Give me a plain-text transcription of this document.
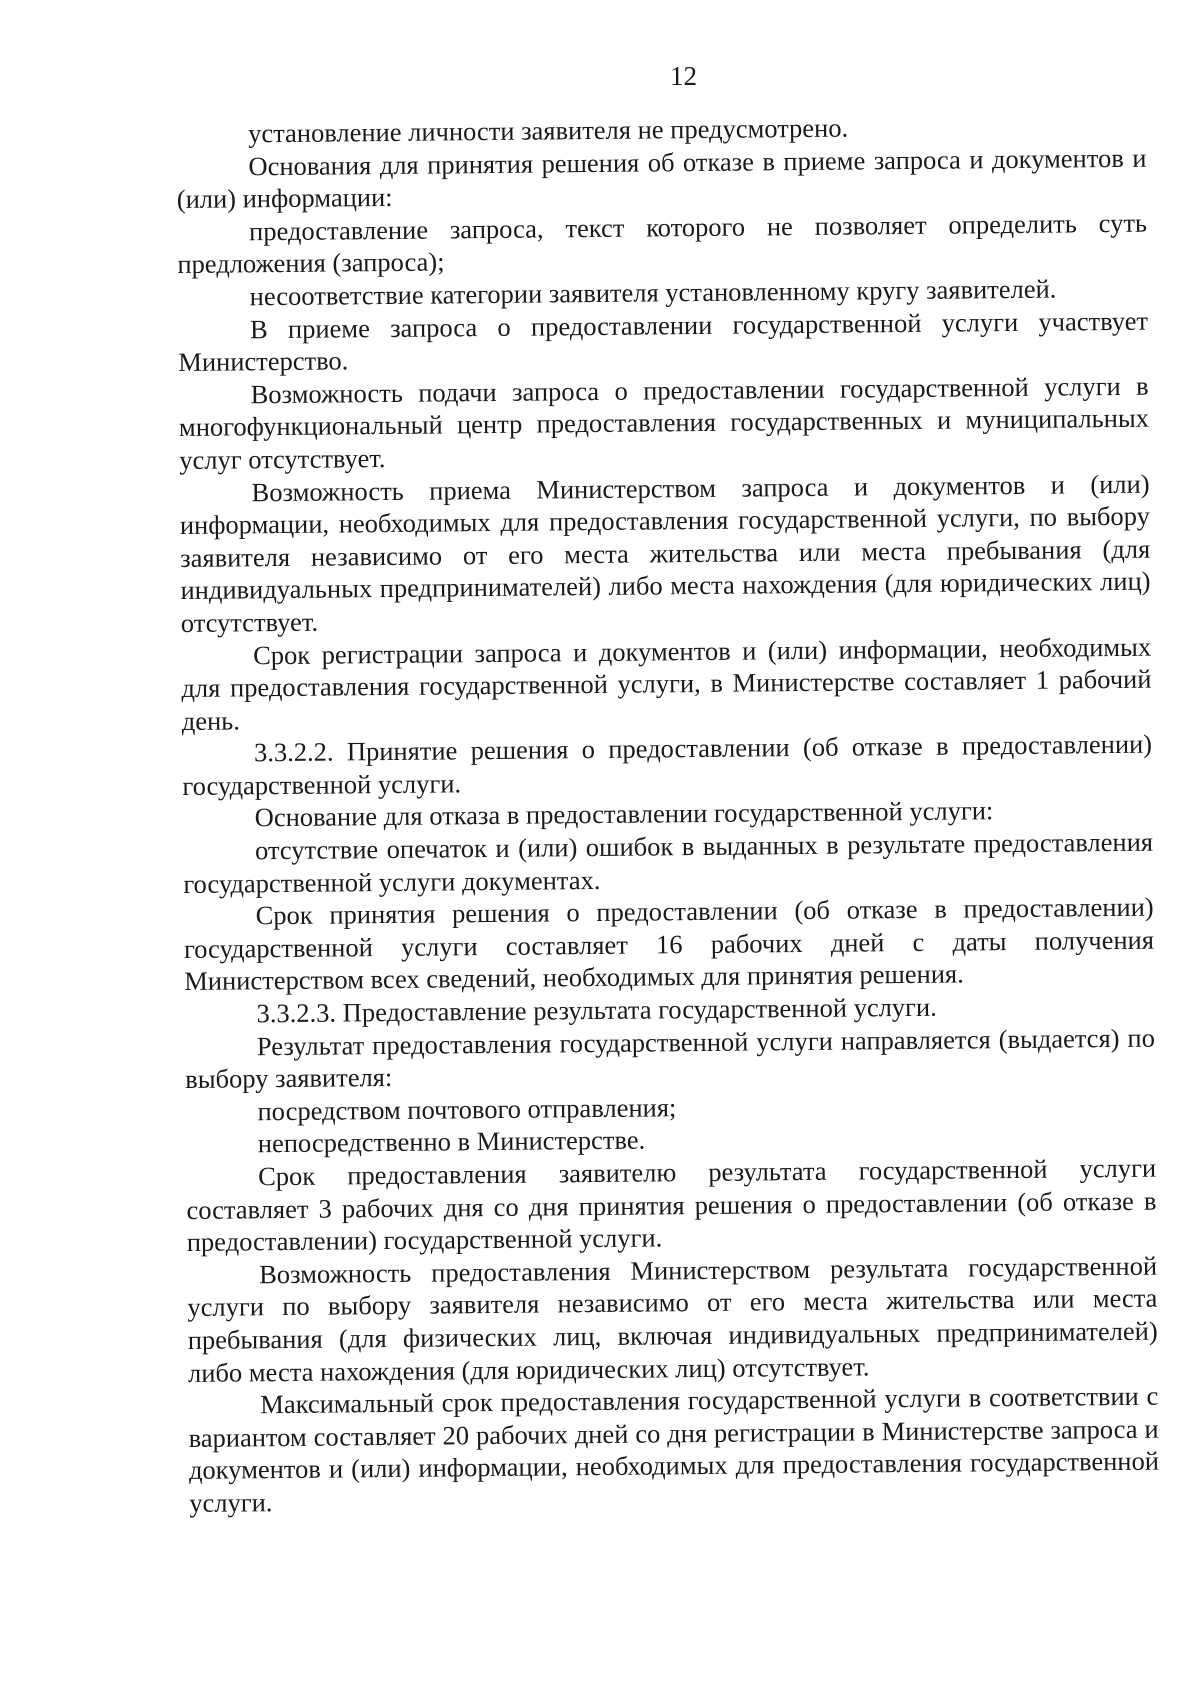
12

установление личности заявителя не предусмотрено.

Основания для принятия решения об отказе в приеме запроса и документов и (или) информации:

предоставление запроса, текст которого не позволяет определить суть предложения (запроса);

несоответствие категории заявителя установленному кругу заявителей.

В приеме запроса о предоставлении государственной услуги участвует Министерство.

Возможность подачи запроса о предоставлении государственной услуги в многофункциональный центр предоставления государственных и муниципальных услуг отсутствует.

Возможность приема Министерством запроса и документов и (или) информации, необходимых для предоставления государственной услуги, по выбору заявителя независимо от его места жительства или места пребывания (для индивидуальных предпринимателей) либо места нахождения (для юридических лиц) отсутствует.

Срок регистрации запроса и документов и (или) информации, необходимых для предоставления государственной услуги, в Министерстве составляет 1 рабочий день.

3.3.2.2. Принятие решения о предоставлении (об отказе в предоставлении) государственной услуги.

Основание для отказа в предоставлении государственной услуги:

отсутствие опечаток и (или) ошибок в выданных в результате предоставления государственной услуги документах.

Срок принятия решения о предоставлении (об отказе в предоставлении) государственной услуги составляет 16 рабочих дней с даты получения Министерством всех сведений, необходимых для принятия решения.

3.3.2.3. Предоставление результата государственной услуги.

Результат предоставления государственной услуги направляется (выдается) по выбору заявителя:

посредством почтового отправления;

непосредственно в Министерстве.

Срок предоставления заявителю результата государственной услуги составляет 3 рабочих дня со дня принятия решения о предоставлении (об отказе в предоставлении) государственной услуги.

Возможность предоставления Министерством результата государственной услуги по выбору заявителя независимо от его места жительства или места пребывания (для физических лиц, включая индивидуальных предпринимателей) либо места нахождения (для юридических лиц) отсутствует.

Максимальный срок предоставления государственной услуги в соответствии с вариантом составляет 20 рабочих дней со дня регистрации в Министерстве запроса и документов и (или) информации, необходимых для предоставления государственной услуги.
